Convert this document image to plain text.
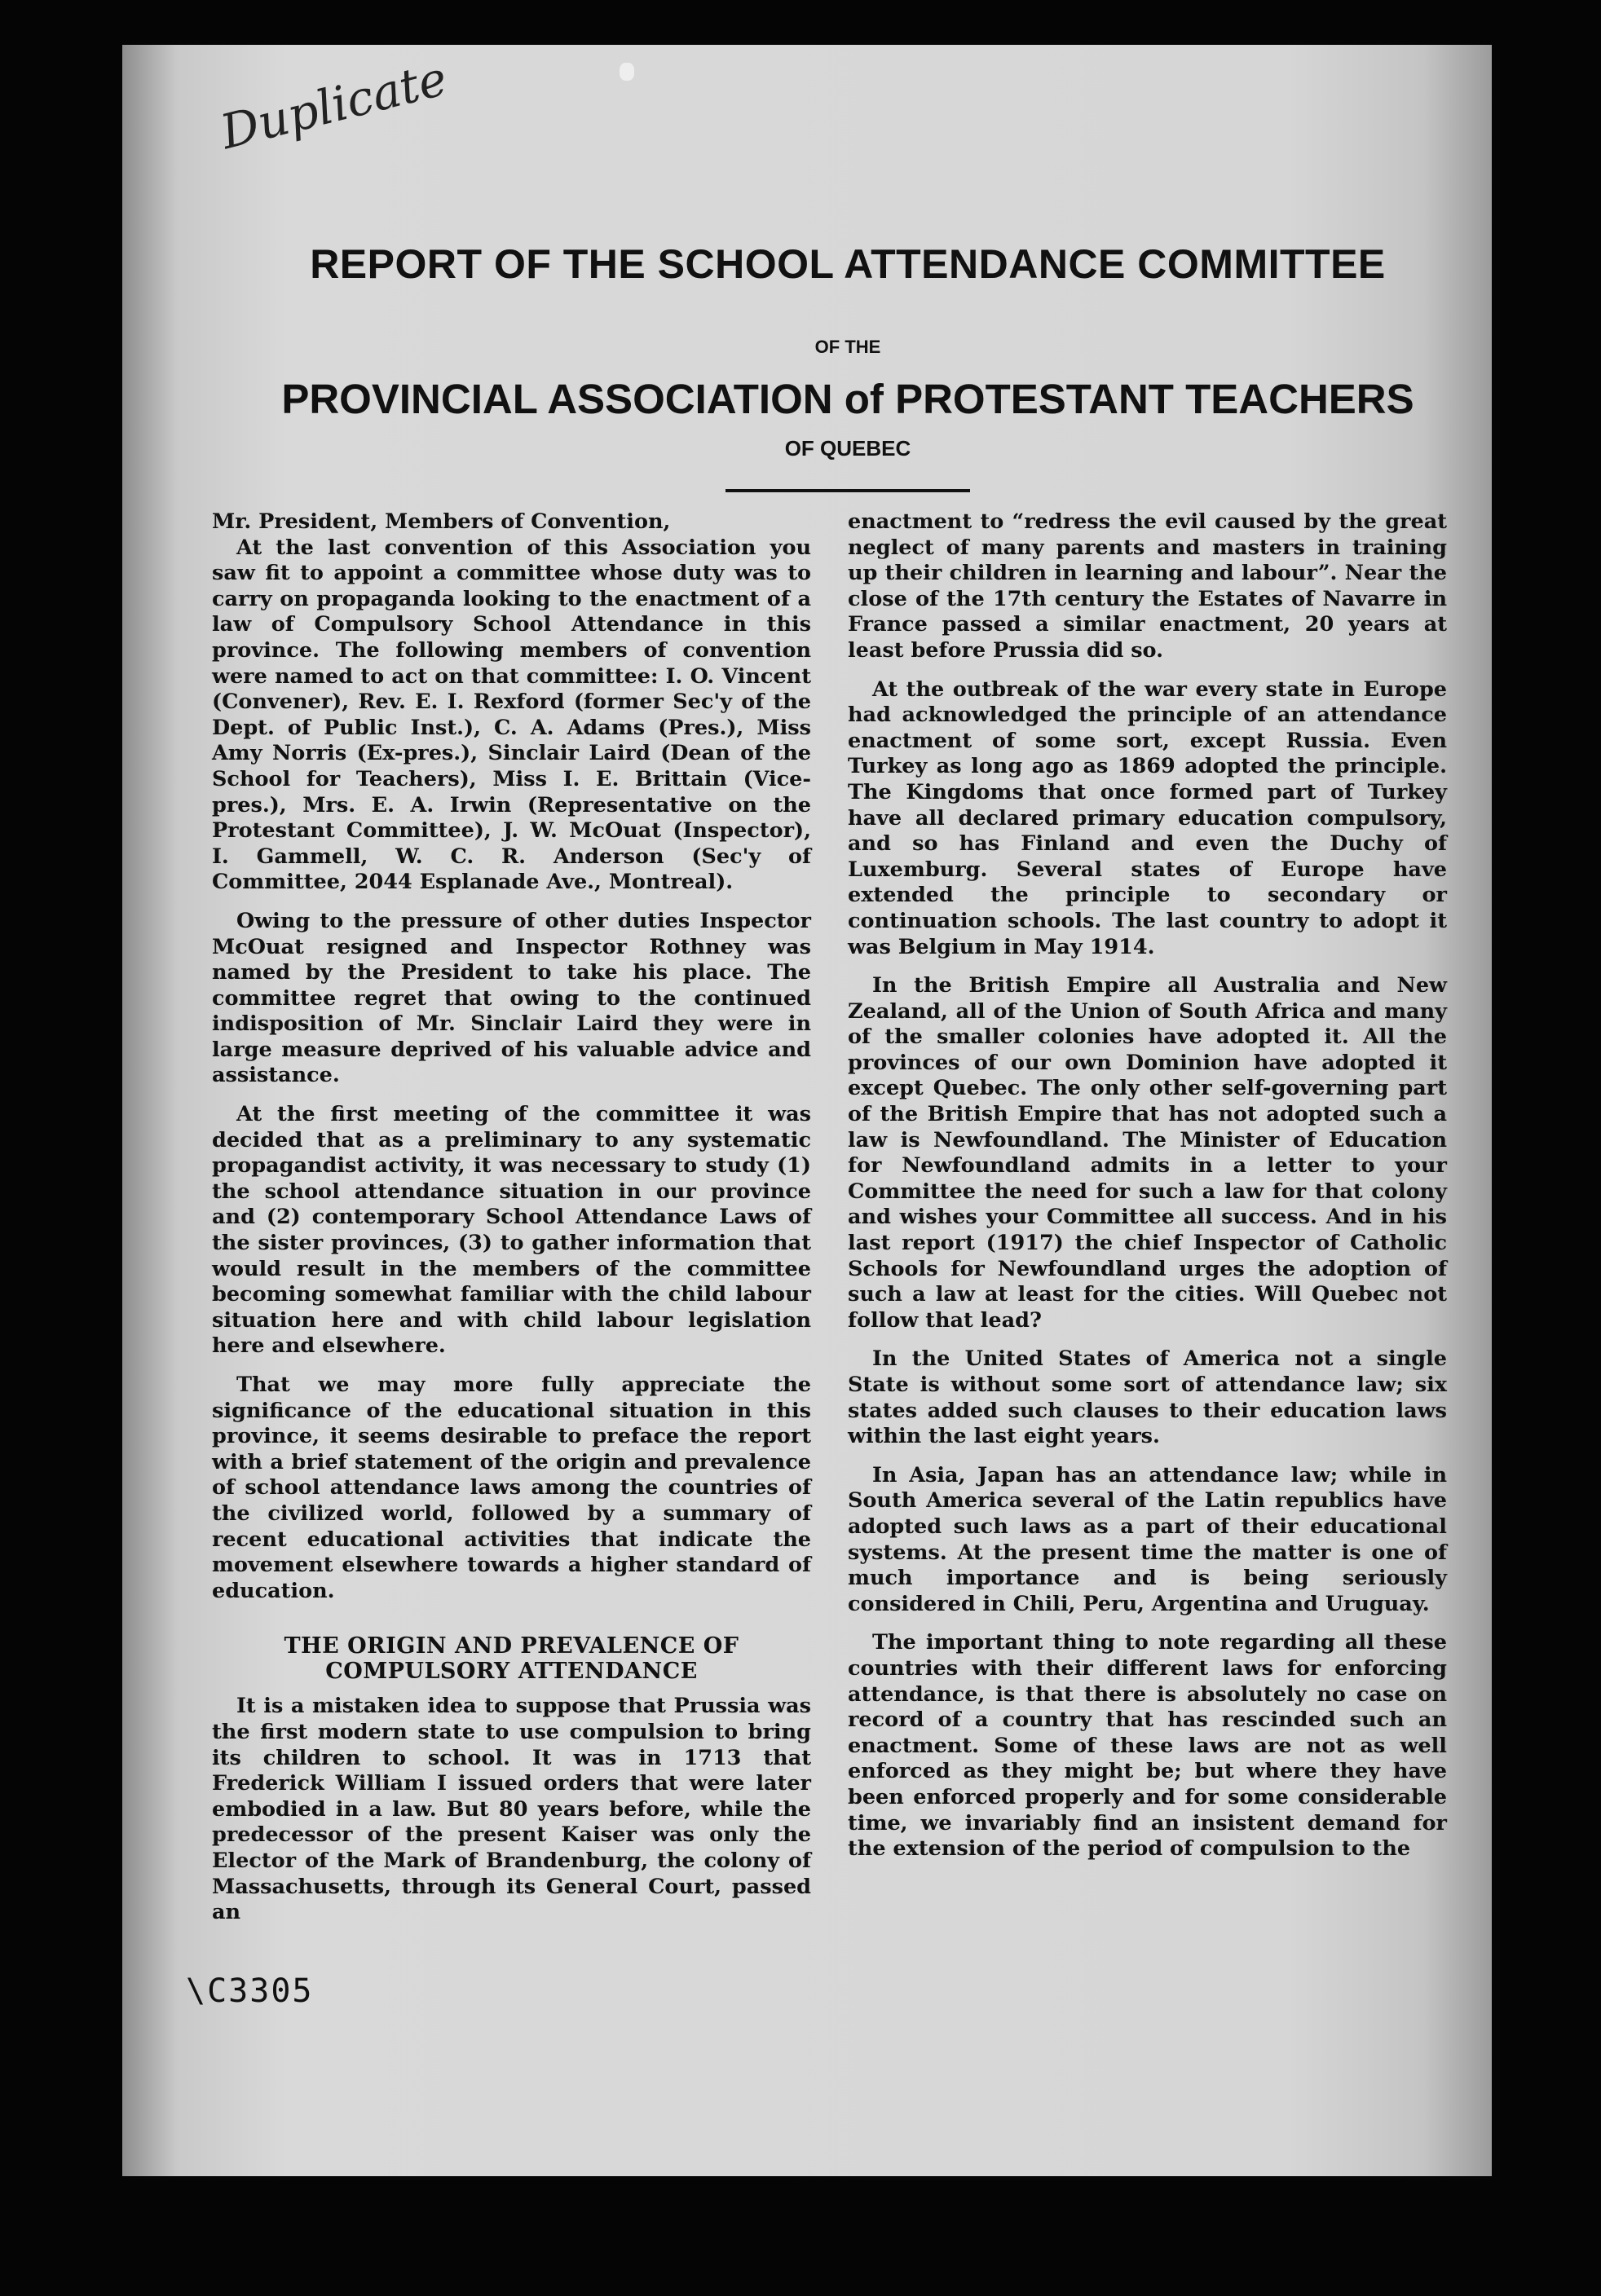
Duplicate
REPORT OF THE SCHOOL ATTENDANCE COMMITTEE
OF THE
PROVINCIAL ASSOCIATION of PROTESTANT TEACHERS
OF QUEBEC

Mr. President, Members of Convention,

At the last convention of this Association you saw fit to appoint a committee whose duty was to carry on propaganda looking to the enactment of a law of Compulsory School Attendance in this province. The following members of convention were named to act on that committee: I. O. Vincent (Convener), Rev. E. I. Rexford (former Sec'y of the Dept. of Public Inst.), C. A. Adams (Pres.), Miss Amy Norris (Ex-pres.), Sinclair Laird (Dean of the School for Teachers), Miss I. E. Brittain (Vice-pres.), Mrs. E. A. Irwin (Representative on the Protestant Committee), J. W. McOuat (Inspector), I. Gammell, W. C. R. Anderson (Sec'y of Committee, 2044 Esplanade Ave., Montreal).

Owing to the pressure of other duties Inspector McOuat resigned and Inspector Rothney was named by the President to take his place. The committee regret that owing to the continued indisposition of Mr. Sinclair Laird they were in large measure deprived of his valuable advice and assistance.

At the first meeting of the committee it was decided that as a preliminary to any systematic propagandist activity, it was necessary to study (1) the school attendance situation in our province and (2) contemporary School Attendance Laws of the sister provinces, (3) to gather information that would result in the members of the committee becoming somewhat familiar with the child labour situation here and with child labour legislation here and elsewhere.

That we may more fully appreciate the significance of the educational situation in this province, it seems desirable to preface the report with a brief statement of the origin and prevalence of school attendance laws among the countries of the civilized world, followed by a summary of recent educational activities that indicate the movement elsewhere towards a higher standard of education.

THE ORIGIN AND PREVALENCE OF COMPULSORY ATTENDANCE

It is a mistaken idea to suppose that Prussia was the first modern state to use compulsion to bring its children to school. It was in 1713 that Frederick William I issued orders that were later embodied in a law. But 80 years before, while the predecessor of the present Kaiser was only the Elector of the Mark of Brandenburg, the colony of Massachusetts, through its General Court, passed an

enactment to “redress the evil caused by the great neglect of many parents and masters in training up their children in learning and labour”. Near the close of the 17th century the Estates of Navarre in France passed a similar enactment, 20 years at least before Prussia did so.

At the outbreak of the war every state in Europe had acknowledged the principle of an attendance enactment of some sort, except Russia. Even Turkey as long ago as 1869 adopted the principle. The Kingdoms that once formed part of Turkey have all declared primary education compulsory, and so has Finland and even the Duchy of Luxemburg. Several states of Europe have extended the principle to secondary or continuation schools. The last country to adopt it was Belgium in May 1914.

In the British Empire all Australia and New Zealand, all of the Union of South Africa and many of the smaller colonies have adopted it. All the provinces of our own Dominion have adopted it except Quebec. The only other self-governing part of the British Empire that has not adopted such a law is Newfoundland. The Minister of Education for Newfoundland admits in a letter to your Committee the need for such a law for that colony and wishes your Committee all success. And in his last report (1917) the chief Inspector of Catholic Schools for Newfoundland urges the adoption of such a law at least for the cities. Will Quebec not follow that lead?

In the United States of America not a single State is without some sort of attendance law; six states added such clauses to their education laws within the last eight years.

In Asia, Japan has an attendance law; while in South America several of the Latin republics have adopted such laws as a part of their educational systems. At the present time the matter is one of much importance and is being seriously considered in Chili, Peru, Argentina and Uruguay.

The important thing to note regarding all these countries with their different laws for enforcing attendance, is that there is absolutely no case on record of a country that has rescinded such an enactment. Some of these laws are not as well enforced as they might be; but where they have been enforced properly and for some considerable time, we invariably find an insistent demand for the extension of the period of compulsion to the

\C3305
